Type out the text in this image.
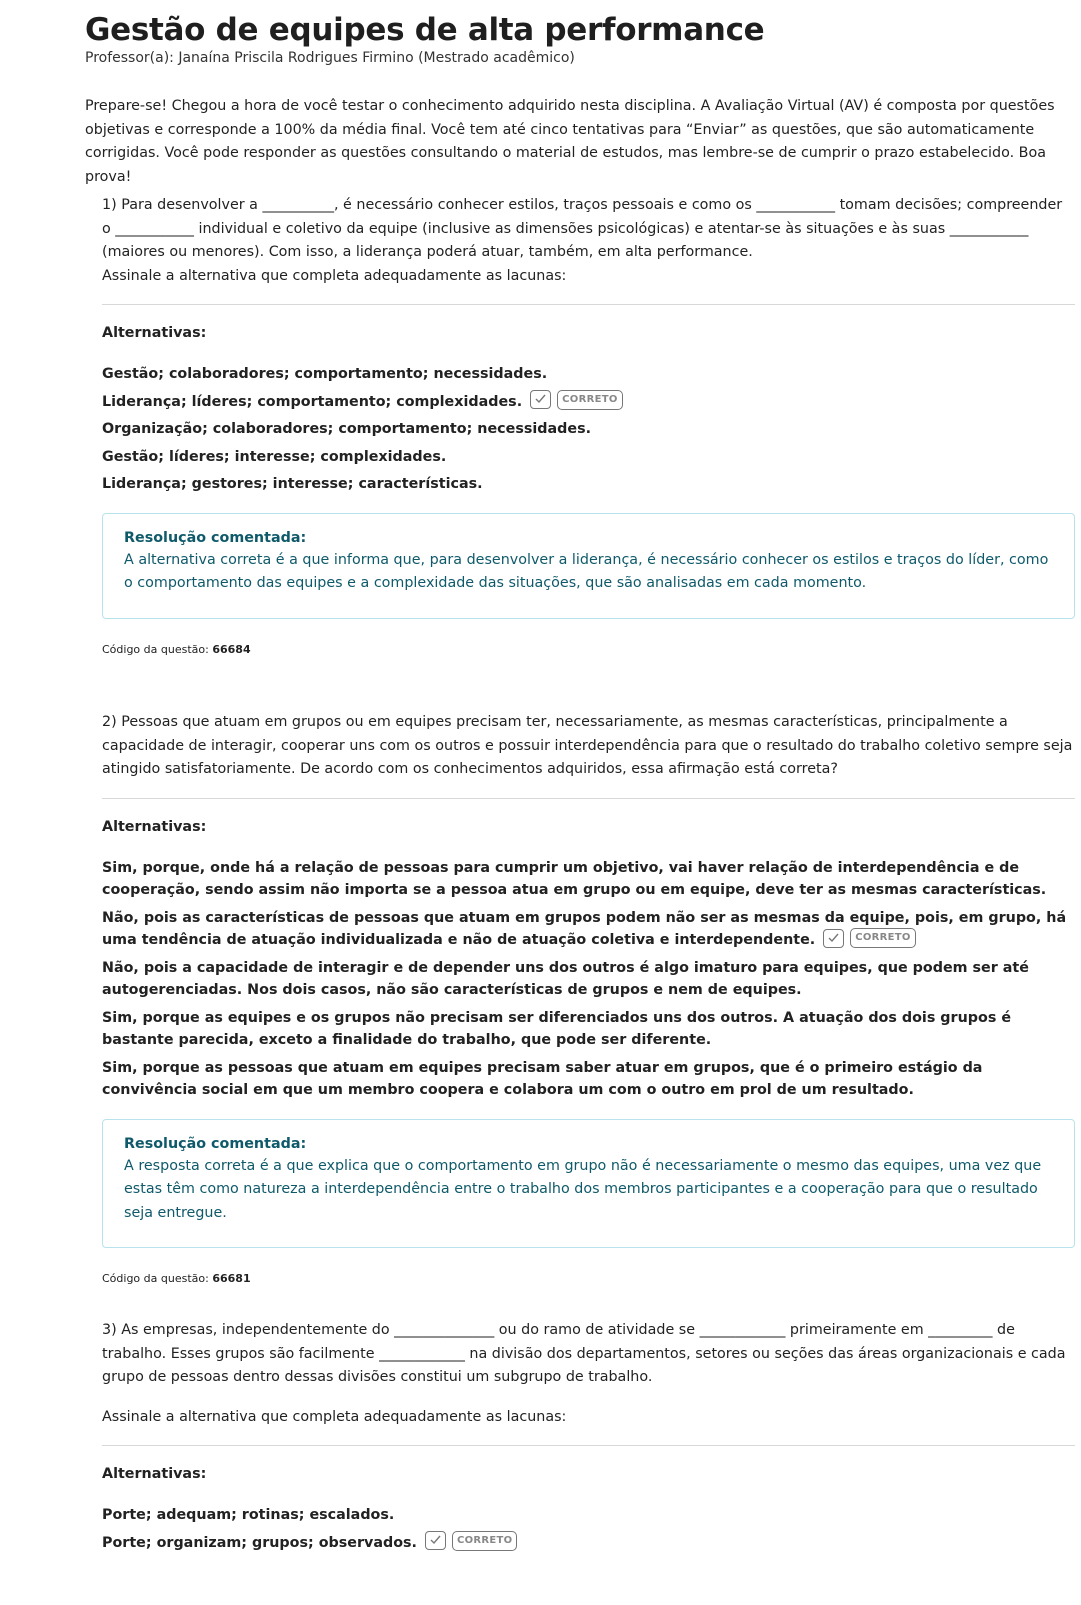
Gestão de equipes de alta performance
Professor(a): Janaína Priscila Rodrigues Firmino (Mestrado acadêmico)
Prepare-se! Chegou a hora de você testar o conhecimento adquirido nesta disciplina. A Avaliação Virtual (AV) é composta por questões objetivas e corresponde a 100% da média final. Você tem até cinco tentativas para “Enviar” as questões, que são automaticamente corrigidas. Você pode responder as questões consultando o material de estudos, mas lembre-se de cumprir o prazo estabelecido. Boa prova!

1) Para desenvolver a __________, é necessário conhecer estilos, traços pessoais e como os ___________ tomam decisões; compreender o ___________ individual e coletivo da equipe (inclusive as dimensões psicológicas) e atentar-se às situações e às suas ___________ (maiores ou menores). Com isso, a liderança poderá atuar, também, em alta performance.

Assinale a alternativa que completa adequadamente as lacunas:

Alternativas:
Gestão; colaboradores; comportamento; necessidades.
Liderança; líderes; comportamento; complexidades.	CORRETO
Organização; colaboradores; comportamento; necessidades.
Gestão; líderes; interesse; complexidades.
Liderança; gestores; interesse; características.
Resolução comentada:
A alternativa correta é a que informa que, para desenvolver a liderança, é necessário conhecer os estilos e traços do líder, como o comportamento das equipes e a complexidade das situações, que são analisadas em cada momento.
Código da questão: 66684

2) Pessoas que atuam em grupos ou em equipes precisam ter, necessariamente, as mesmas características, principalmente a capacidade de interagir, cooperar uns com os outros e possuir interdependência para que o resultado do trabalho coletivo sempre seja atingido satisfatoriamente. De acordo com os conhecimentos adquiridos, essa afirmação está correta?

Alternativas:
Sim, porque, onde há a relação de pessoas para cumprir um objetivo, vai haver relação de interdependência e de cooperação, sendo assim não importa se a pessoa atua em grupo ou em equipe, deve ter as mesmas características.
Não, pois as características de pessoas que atuam em grupos podem não ser as mesmas da equipe, pois, em grupo, há uma tendência de atuação individualizada e não de atuação coletiva e interdependente.	CORRETO
Não, pois a capacidade de interagir e de depender uns dos outros é algo imaturo para equipes, que podem ser até autogerenciadas. Nos dois casos, não são características de grupos e nem de equipes.
Sim, porque as equipes e os grupos não precisam ser diferenciados uns dos outros. A atuação dos dois grupos é bastante parecida, exceto a finalidade do trabalho, que pode ser diferente.
Sim, porque as pessoas que atuam em equipes precisam saber atuar em grupos, que é o primeiro estágio da convivência social em que um membro coopera e colabora um com o outro em prol de um resultado.
Resolução comentada:
A resposta correta é a que explica que o comportamento em grupo não é necessariamente o mesmo das equipes, uma vez que estas têm como natureza a interdependência entre o trabalho dos membros participantes e a cooperação para que o resultado seja entregue.
Código da questão: 66681

3) As empresas, independentemente do ______________ ou do ramo de atividade se ____________ primeiramente em _________ de trabalho. Esses grupos são facilmente ____________ na divisão dos departamentos, setores ou seções das áreas organizacionais e cada grupo de pessoas dentro dessas divisões constitui um subgrupo de trabalho.

Assinale a alternativa que completa adequadamente as lacunas:

Alternativas:
Porte; adequam; rotinas; escalados.
Porte; organizam; grupos; observados.	CORRETO
